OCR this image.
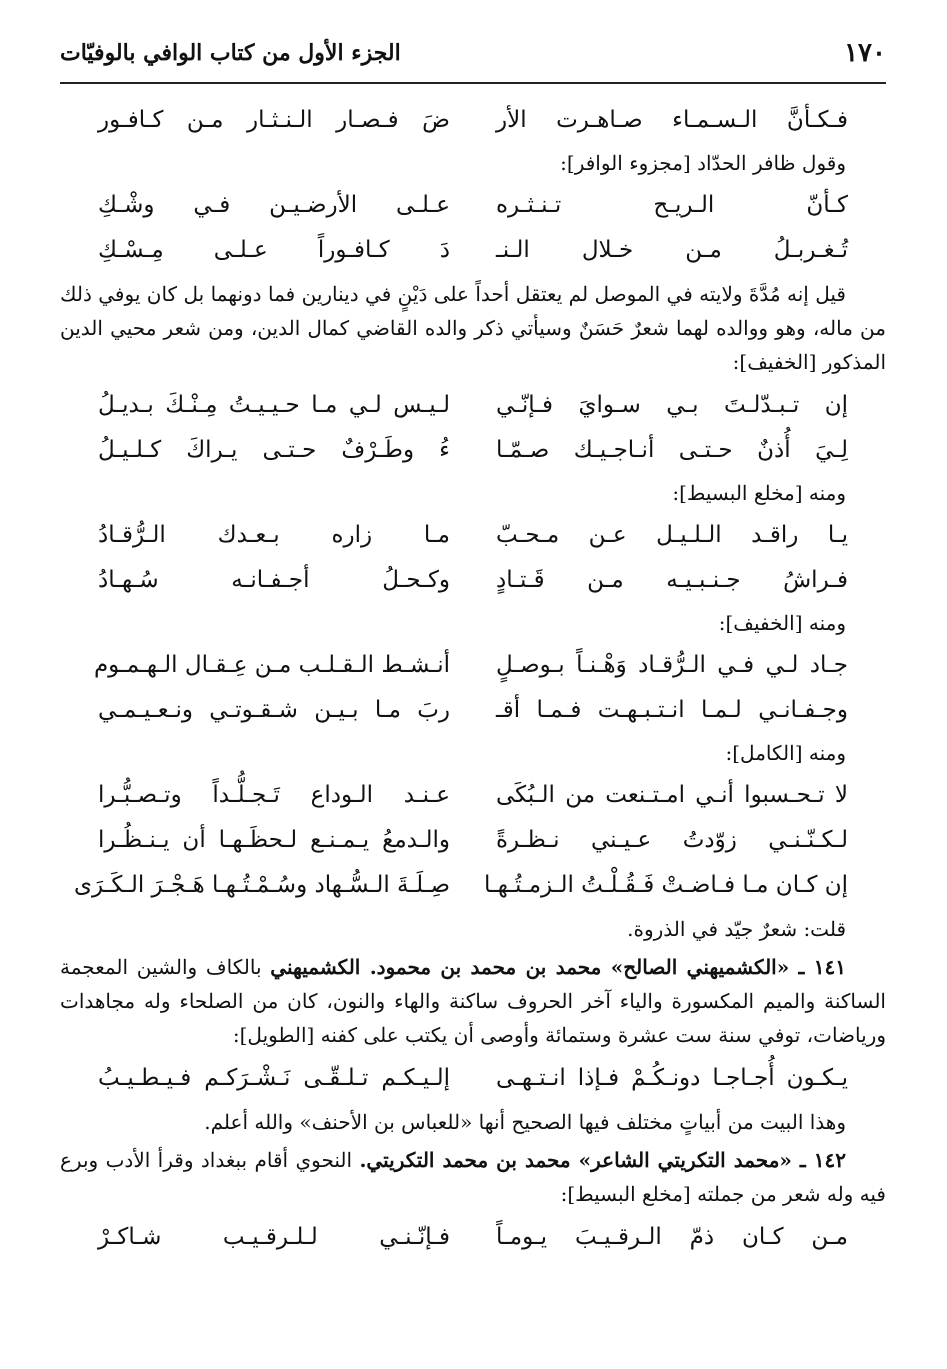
١٧٠
الجزء الأول من كتاب الوافي بالوفيّات
فـكـأنَّ الـسـمـاء صـاهـرت الأر
ضَ فـصـار الـنـثـار مـن كـافـور
وقول ظافر الحدّاد [مجزوء الوافر]:
كـأنّ الـريـح تـنـثـره
عـلـى الأرضـيـن فـي وشْـكِ
تُـغـربـلُ مـن خـلال الـنـ
دَ كـافـوراً عـلـى مِـسْـكِ

قيل إنه مُدَّةَ ولايته في الموصل لم يعتقل أحداً على دَيْنٍ في دينارين فما دونهما بل كان يوفي ذلك من ماله، وهو ووالده لهما شعرٌ حَسَنٌ وسيأتي ذكر والده القاضي كمال الدين، ومن شعر محيي الدين المذكور [الخفيف]:

إن تـبـدّلـتَ بـي سـوايَ فـإنّـي
لـيـس لـي مـا حـيـيـتُ مِـنْـكَ بـديـلُ
لِـيَ أُذنٌ حـتـى أنـاجـيـك صـمّـا
ءُ وطَـرْفٌ حـتـى يـراكَ كـلـيـلُ
ومنه [مخلع البسيط]:
يـا راقـد الـلـيـل عـن مـحـبّ
مـا زاره بـعـدك الـرُّقـادُ
فـراشُ جـنـبـيـه مـن قَـتـادٍ
وكـحـلُ أجـفـانـه سُـهـادُ
ومنه [الخفيف]:
جـاد لـي فـي الـرُّقـاد وَهْـنـاً بـوصـلٍ
أنـشـط الـقـلـب مـن عِـقـال الـهـمـوم
وجـفـانـي لـمـا انـتـبـهـت فـمـا أقـ
ربَ مـا بـيـن شـقـوتـي ونـعـيـمـي
ومنه [الكامل]:
لا تـحـسبوا أنـي امـتـنعت من الـبُكَى
عـنـد الـوداع تَـجـلُّـداً وتـصـبُّـرا
لـكـنّـنـي زوّدتُ عـيـني نـظـرةً
والـدمعُ يـمـنـع لـحظَـهـا أن يـنـظُـرا
إن كـان مـا فـاضـتْ فَـقُـلْـتُ الـزمـتُـهـا
صِـلَـةَ الـسُّـهاد وسُـمْـتُـهـا هَـجْـرَ الـكَـرَى

قلت: شعرٌ جيّد في الذروة.

١٤١ ـ «الكشميهني الصالح» محمد بن محمد بن محمود. الكشميهني بالكاف والشين المعجمة الساكنة والميم المكسورة والياء آخر الحروف ساكنة والهاء والنون، كان من الصلحاء وله مجاهدات ورياضات، توفي سنة ست عشرة وستمائة وأوصى أن يكتب على كفنه [الطويل]:

يـكـون أُجـاجـا دونـكُـمْ فـإذا انـتـهـى
إلـيـكـم تـلـقّـى نَـشْـرَكـم فـيـطـيـبُ

وهذا البيت من أبياتٍ مختلف فيها الصحيح أنها «للعباس بن الأحنف» والله أعلم.

١٤٢ ـ «محمد التكريتي الشاعر» محمد بن محمد التكريتي. النحوي أقام ببغداد وقرأ الأدب وبرع فيه وله شعر من جملته [مخلع البسيط]:

مـن كـان ذمّ الـرقـيـبَ يـومـاً
فـإنّـنـي لـلـرقـيـب شـاكـرْ
